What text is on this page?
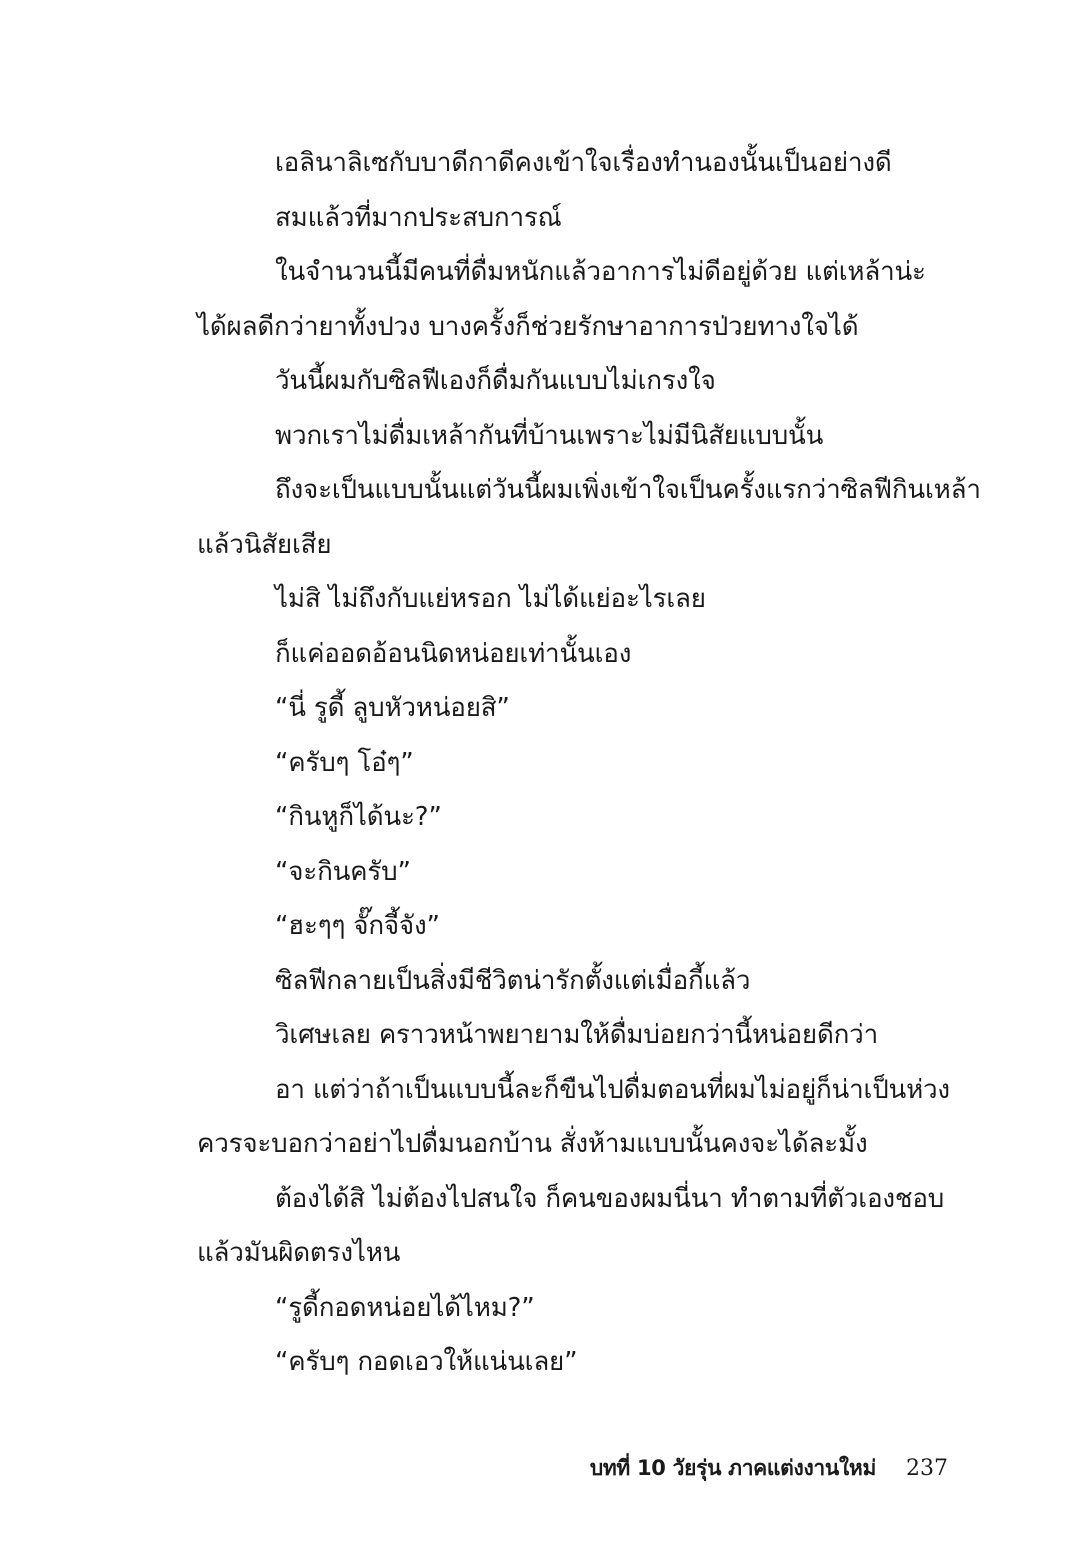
เอลินาลิเซกับบาดีกาดีคงเข้าใจเรื่องทำนองนั้นเป็นอย่างดี
สมแล้วที่มากประสบการณ์
ในจำนวนนี้มีคนที่ดื่มหนักแล้วอาการไม่ดีอยู่ด้วย แต่เหล้าน่ะ
ได้ผลดีกว่ายาทั้งปวง บางครั้งก็ช่วยรักษาอาการป่วยทางใจได้
วันนี้ผมกับซิลฟีเองก็ดื่มกันแบบไม่เกรงใจ
พวกเราไม่ดื่มเหล้ากันที่บ้านเพราะไม่มีนิสัยแบบนั้น
ถึงจะเป็นแบบนั้นแต่วันนี้ผมเพิ่งเข้าใจเป็นครั้งแรกว่าซิลฟีกินเหล้า
แล้วนิสัยเสีย
ไม่สิ ไม่ถึงกับแย่หรอก ไม่ได้แย่อะไรเลย
ก็แค่ออดอ้อนนิดหน่อยเท่านั้นเอง
“นี่ รูดี้ ลูบหัวหน่อยสิ”
“ครับๆ โอ๋ๆ”
“กินหูก็ได้นะ?”
“จะกินครับ”
“ฮะๆๆ จั๊กจี้จัง”
ซิลฟีกลายเป็นสิ่งมีชีวิตน่ารักตั้งแต่เมื่อกี้แล้ว
วิเศษเลย คราวหน้าพยายามให้ดื่มบ่อยกว่านี้หน่อยดีกว่า
อา แต่ว่าถ้าเป็นแบบนี้ละก็ขืนไปดื่มตอนที่ผมไม่อยู่ก็น่าเป็นห่วง
ควรจะบอกว่าอย่าไปดื่มนอกบ้าน สั่งห้ามแบบนั้นคงจะได้ละมั้ง
ต้องได้สิ ไม่ต้องไปสนใจ ก็คนของผมนี่นา ทำตามที่ตัวเองชอบ
แล้วมันผิดตรงไหน
“รูดี้กอดหน่อยได้ไหม?”
“ครับๆ กอดเอวให้แน่นเลย”
บทที่ 10 วัยรุ่น ภาคแต่งงานใหม่ 237
